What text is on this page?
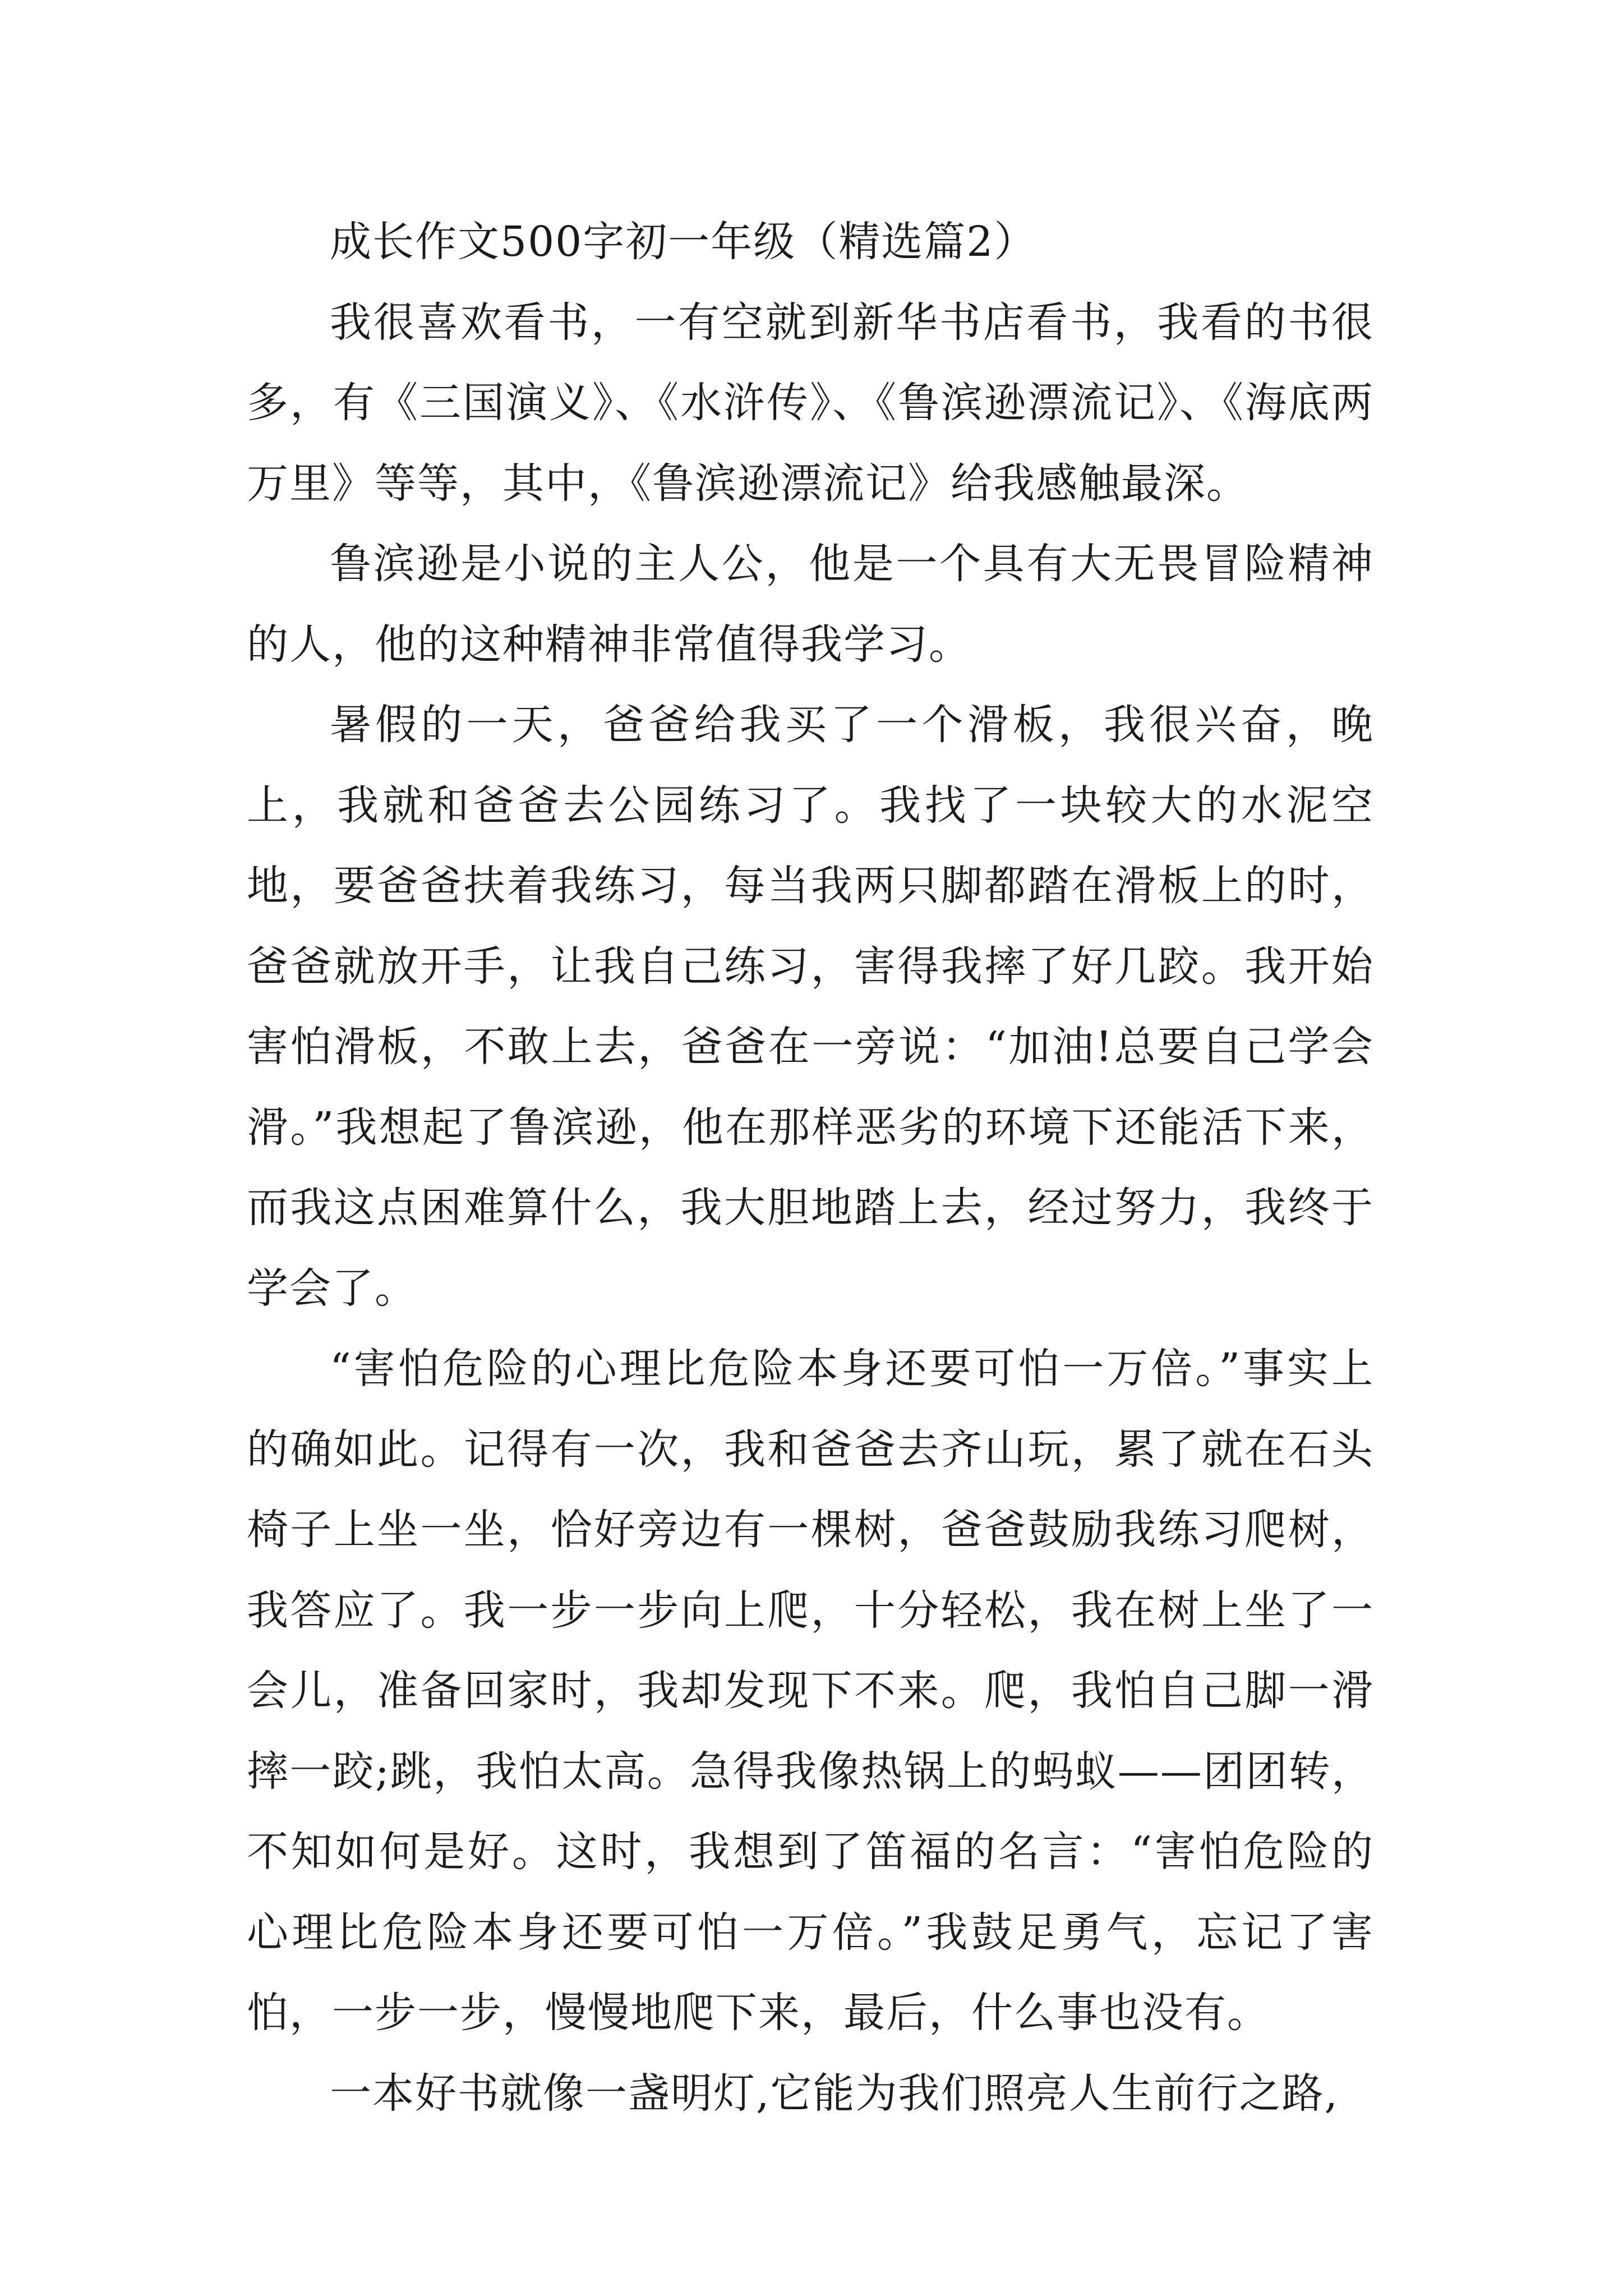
成长作文500字初一年级（精选篇2）

我很喜欢看书，一有空就到新华书店看书，我看的书很多，有《三国演义》、《水浒传》、《鲁滨逊漂流记》、《海底两万里》等等，其中，《鲁滨逊漂流记》给我感触最深。

鲁滨逊是小说的主人公，他是一个具有大无畏冒险精神的人，他的这种精神非常值得我学习。

暑假的一天，爸爸给我买了一个滑板，我很兴奋，晚上，我就和爸爸去公园练习了。我找了一块较大的水泥空地，要爸爸扶着我练习，每当我两只脚都踏在滑板上的时，爸爸就放开手，让我自己练习，害得我摔了好几跤。我开始害怕滑板，不敢上去，爸爸在一旁说：“加油!总要自己学会滑。”我想起了鲁滨逊，他在那样恶劣的环境下还能活下来，而我这点困难算什么，我大胆地踏上去，经过努力，我终于学会了。

“害怕危险的心理比危险本身还要可怕一万倍。”事实上的确如此。记得有一次，我和爸爸去齐山玩，累了就在石头椅子上坐一坐，恰好旁边有一棵树，爸爸鼓励我练习爬树，我答应了。我一步一步向上爬，十分轻松，我在树上坐了一会儿，准备回家时，我却发现下不来。爬，我怕自己脚一滑摔一跤;跳，我怕太高。急得我像热锅上的蚂蚁——团团转，不知如何是好。这时，我想到了笛福的名言：“害怕危险的心理比危险本身还要可怕一万倍。”我鼓足勇气，忘记了害怕，一步一步，慢慢地爬下来，最后，什么事也没有。

一本好书就像一盏明灯,它能为我们照亮人生前行之路,
